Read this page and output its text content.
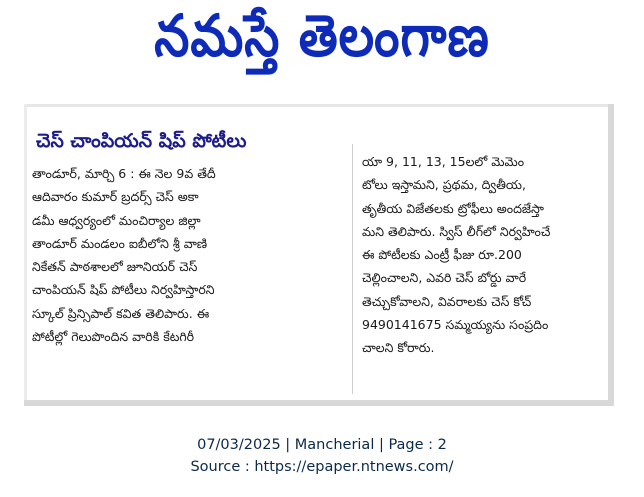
నమస్తే తెలంగాణ
చెస్ చాంపియన్ షిప్ పోటీలు
తాండూర్, మార్చి 6 : ఈ నెల 9వ తేదీ
ఆదివారం కుమార్ బ్రదర్స్ చెస్ అకా
డమీ ఆధ్వర్యంలో మంచిర్యాల జిల్లా
తాండూర్ మండలం ఐబీలోని శ్రీ వాణి
నికేతన్ పాఠశాలలో జూనియర్ చెస్
చాంపియన్ షిప్ పోటీలు నిర్వహిస్తారని
స్కూల్ ప్రిన్సిపాల్ కవిత తెలిపారు. ఈ
పోటీల్లో గెలుపొందిన వారికి కేటగిరీ
యా 9, 11, 13, 15లలో మెమెం
టోలు ఇస్తామని, ప్రథమ, ద్వితీయ,
తృతీయ విజేతలకు ట్రోఫీలు అందజేస్తా
మని తెలిపారు. స్విస్ లీగ్‌లో నిర్వహించే
ఈ పోటీలకు ఎంట్రీ ఫీజు రూ.200
చెల్లించాలని, ఎవరి చెస్ బోర్డు వారే
తెచ్చుకోవాలని, వివరాలకు చెస్ కోచ్
9490141675 సమ్మయ్యను సంప్రదిం
చాలని కోరారు.
07/03/2025 | Mancherial | Page : 2
Source : https://epaper.ntnews.com/
